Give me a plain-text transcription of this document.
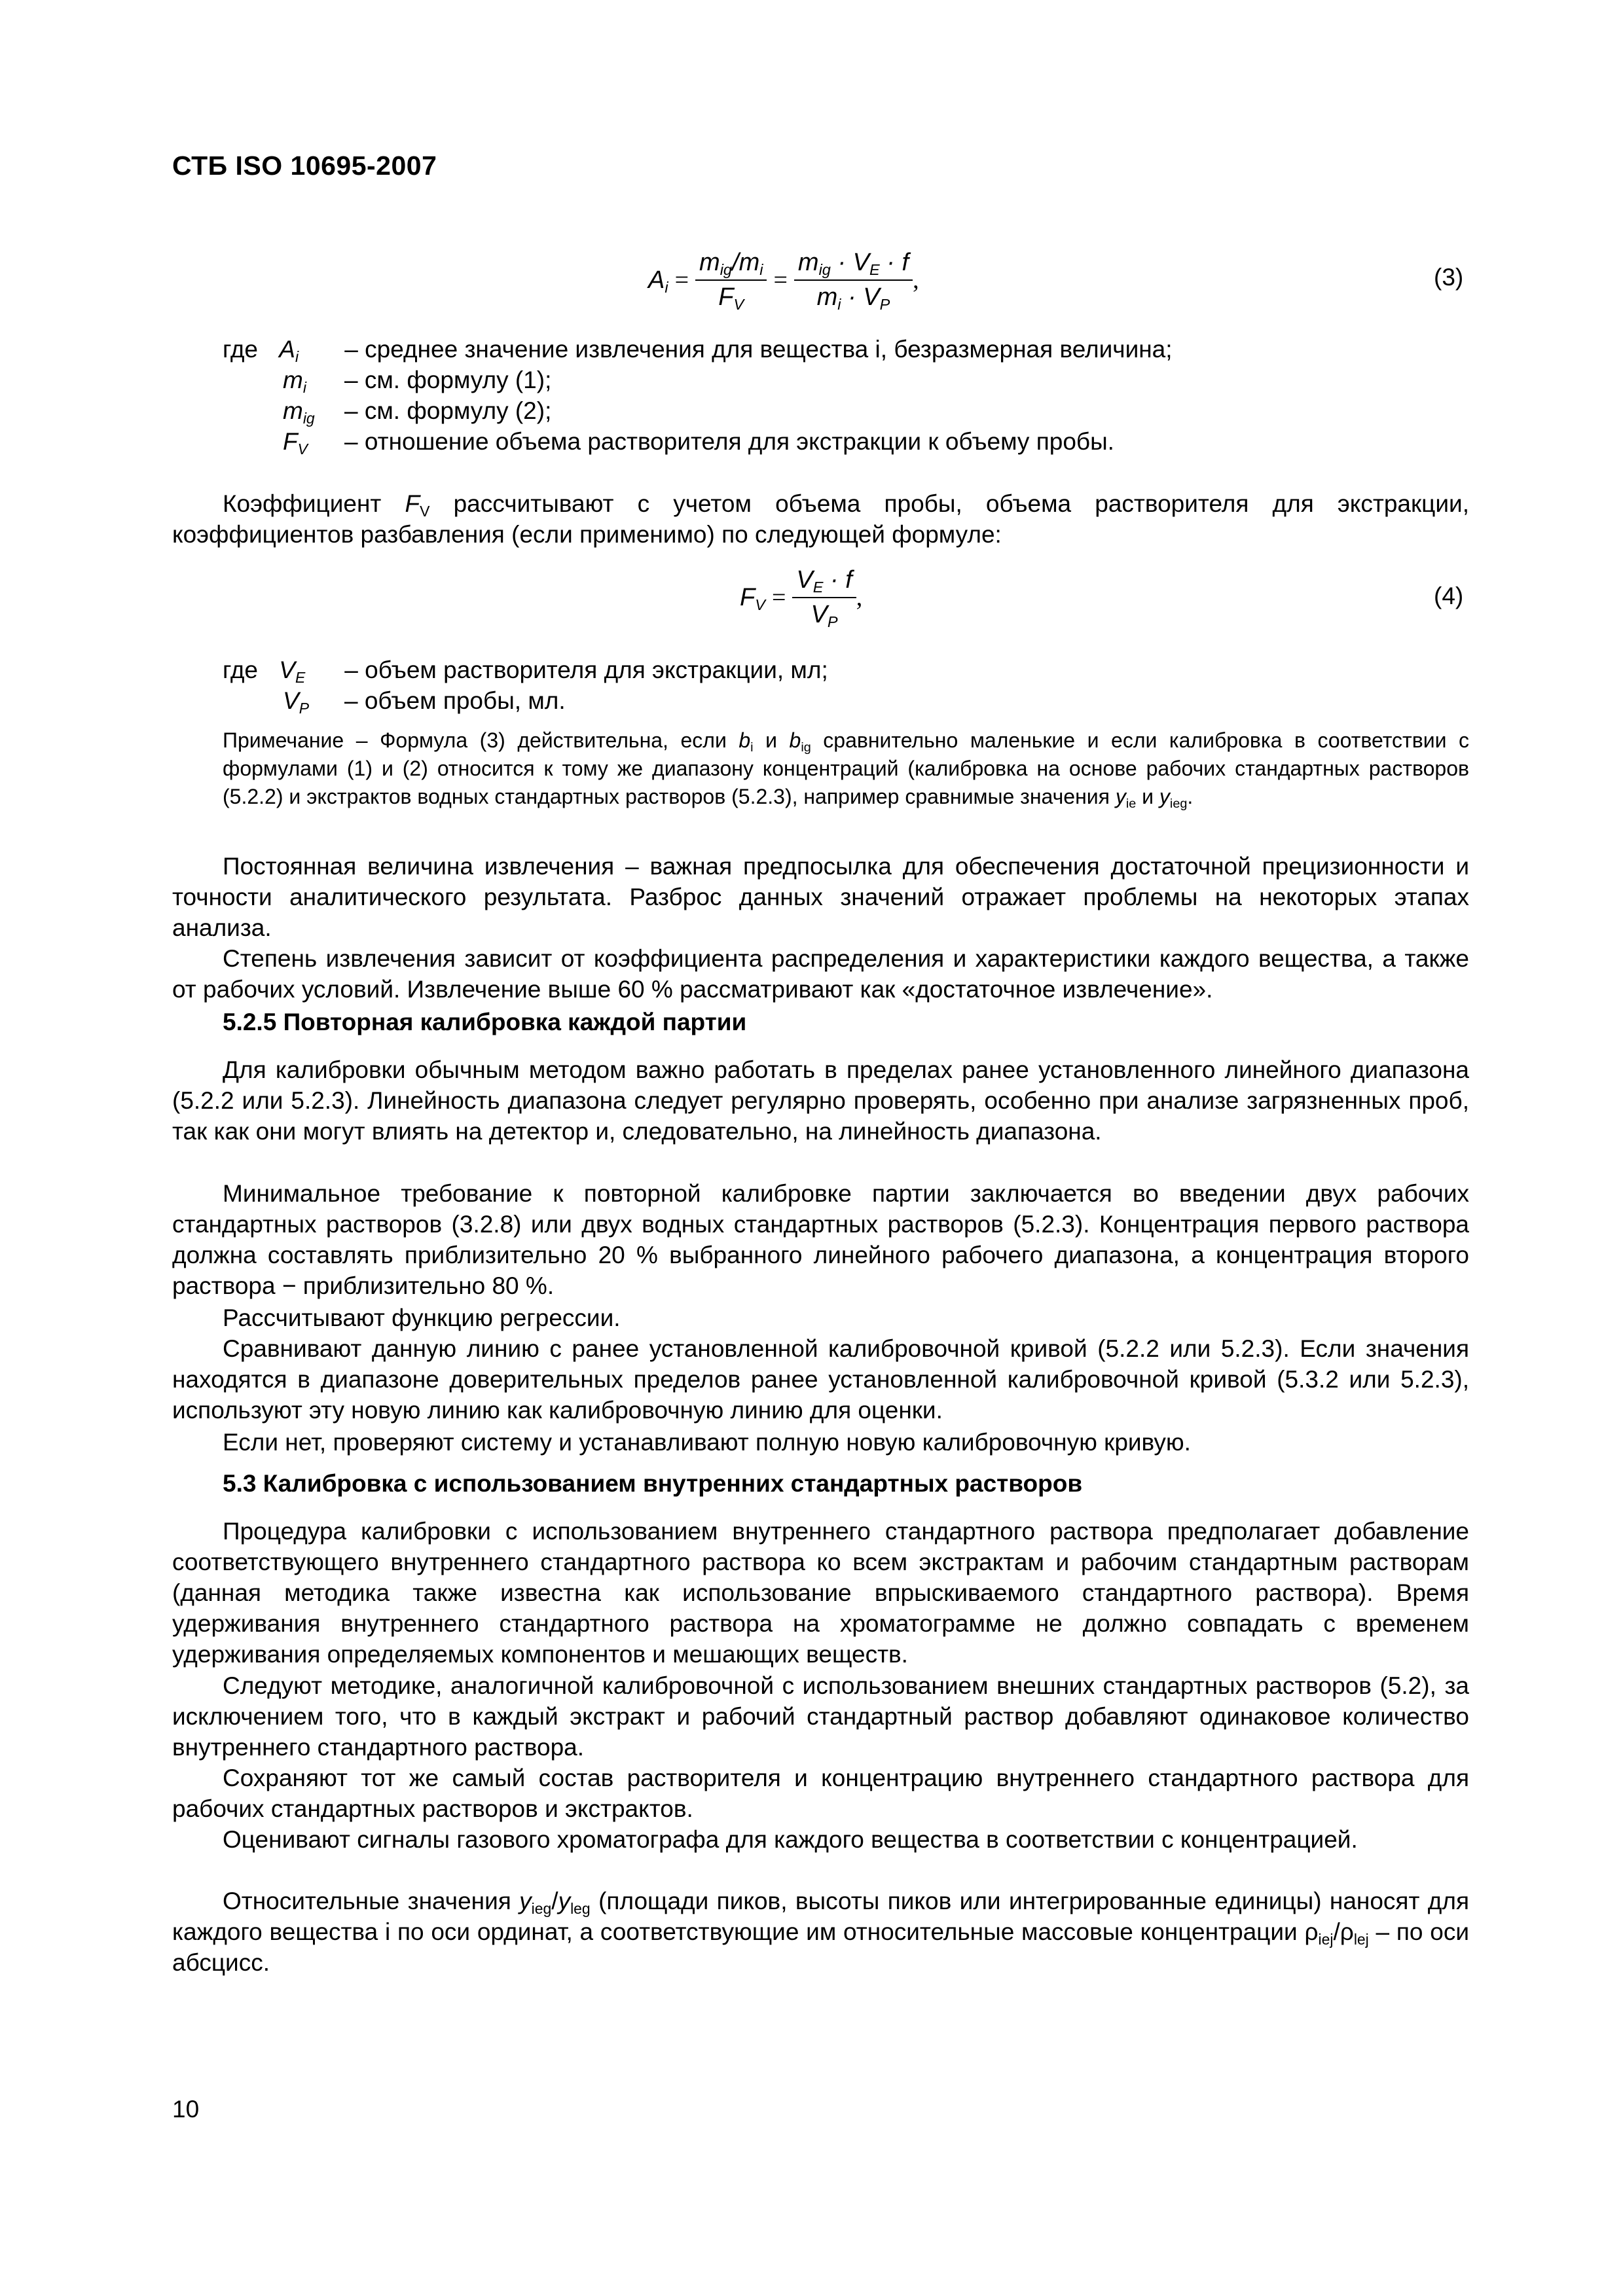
СТБ ISO 10695-2007
$A_i = \frac{m_{ig}/m_i}{F_V} = \frac{m_{ig} \cdot V_E \cdot f}{m_i \cdot V_P}$ ,	(3)
где $A_i$ – среднее значение извлечения для вещества i, безразмерная величина;
$m_i$ – см. формулу (1);
$m_{ig}$ – см. формулу (2);
$F_V$ – отношение объема растворителя для экстракции к объему пробы.
Коэффициент $F_V$ рассчитывают с учетом объема пробы, объема растворителя для экстракции, коэффициентов разбавления (если применимо) по следующей формуле:
$F_V = \frac{V_E \cdot f}{V_P}$ ,	(4)
где $V_E$ – объем растворителя для экстракции, мл;
$V_P$ – объем пробы, мл.
Примечание – Формула (3) действительна, если $b_i$ и $b_{ig}$ сравнительно маленькие и если калибровка в соответствии с формулами (1) и (2) относится к тому же диапазону концентраций (калибровка на основе рабочих стандартных растворов (5.2.2) и экстрактов водных стандартных растворов (5.2.3), например сравнимые значения $y_{ie}$ и $y_{ieg}$.
Постоянная величина извлечения – важная предпосылка для обеспечения достаточной прецизионности и точности аналитического результата. Разброс данных значений отражает проблемы на некоторых этапах анализа.
Степень извлечения зависит от коэффициента распределения и характеристики каждого вещества, а также от рабочих условий. Извлечение выше 60 % рассматривают как «достаточное извлечение».
5.2.5 Повторная калибровка каждой партии
Для калибровки обычным методом важно работать в пределах ранее установленного линейного диапазона (5.2.2 или 5.2.3). Линейность диапазона следует регулярно проверять, особенно при анализе загрязненных проб, так как они могут влиять на детектор и, следовательно, на линейность диапазона.
Минимальное требование к повторной калибровке партии заключается во введении двух рабочих стандартных растворов (3.2.8) или двух водных стандартных растворов (5.2.3). Концентрация первого раствора должна составлять приблизительно 20 % выбранного линейного рабочего диапазона, а концентрация второго раствора − приблизительно 80 %.
Рассчитывают функцию регрессии.
Сравнивают данную линию с ранее установленной калибровочной кривой (5.2.2 или 5.2.3). Если значения находятся в диапазоне доверительных пределов ранее установленной калибровочной кривой (5.3.2 или 5.2.3), используют эту новую линию как калибровочную линию для оценки.
Если нет, проверяют систему и устанавливают полную новую калибровочную кривую.
5.3 Калибровка с использованием внутренних стандартных растворов
Процедура калибровки с использованием внутреннего стандартного раствора предполагает добавление соответствующего внутреннего стандартного раствора ко всем экстрактам и рабочим стандартным растворам (данная методика также известна как использование впрыскиваемого стандартного раствора). Время удерживания внутреннего стандартного раствора на хроматограмме не должно совпадать с временем удерживания определяемых компонентов и мешающих веществ.
Следуют методике, аналогичной калибровочной с использованием внешних стандартных растворов (5.2), за исключением того, что в каждый экстракт и рабочий стандартный раствор добавляют одинаковое количество внутреннего стандартного раствора.
Сохраняют тот же самый состав растворителя и концентрацию внутреннего стандартного раствора для рабочих стандартных растворов и экстрактов.
Оценивают сигналы газового хроматографа для каждого вещества в соответствии с концентрацией.
Относительные значения $y_{ieg}/y_{leg}$ (площади пиков, высоты пиков или интегрированные единицы) наносят для каждого вещества i по оси ординат, а соответствующие им относительные массовые концентрации $\rho_{iej}/\rho_{lej}$ – по оси абсцисс.
10
